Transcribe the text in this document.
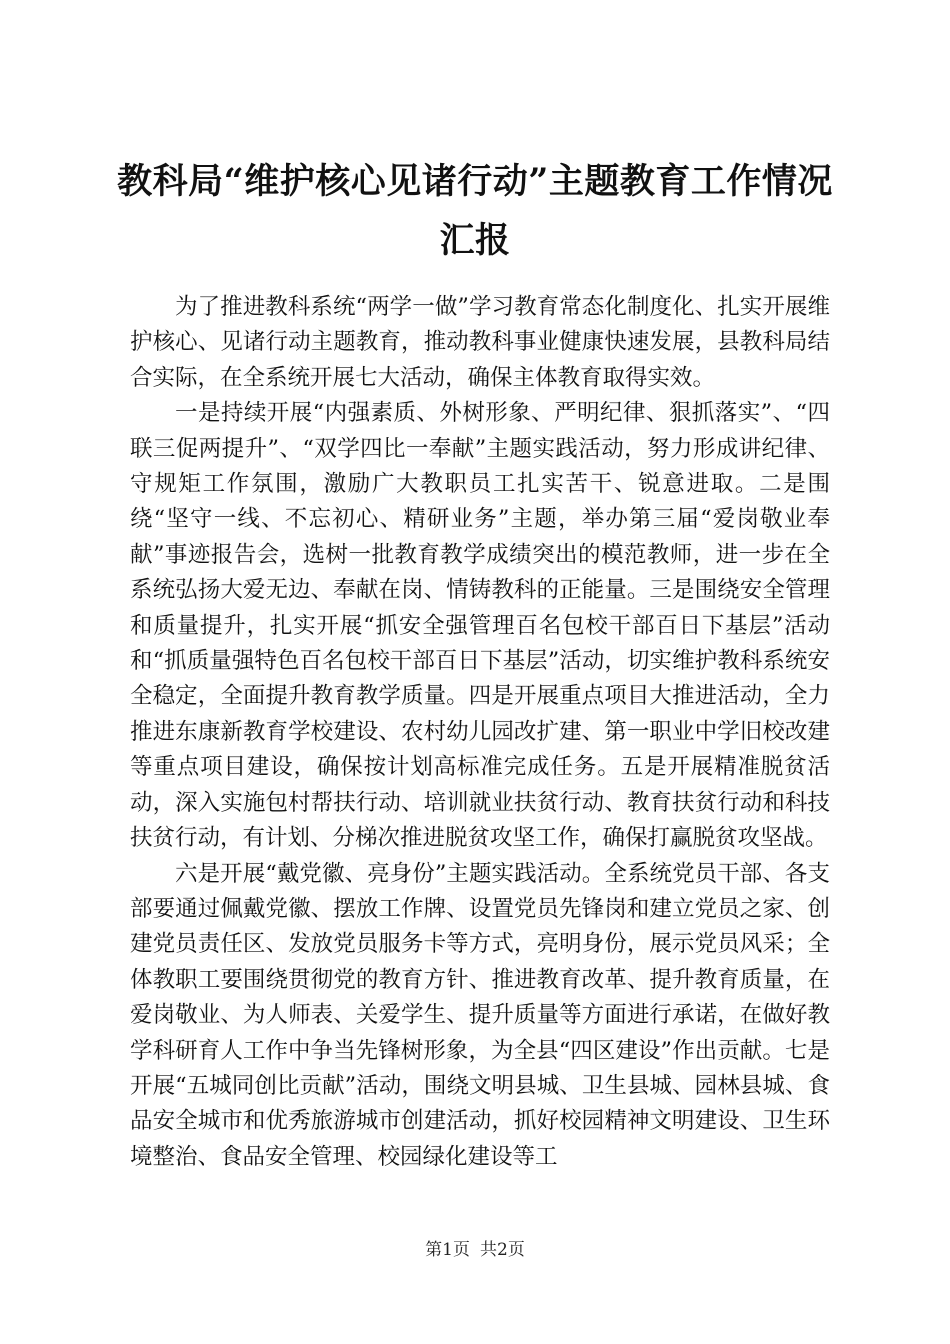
教科局“维护核心见诸行动”主题教育工作情况汇报

为了推进教科系统“两学一做”学习教育常态化制度化、扎实开展维护核心、见诸行动主题教育，推动教科事业健康快速发展，县教科局结合实际，在全系统开展七大活动，确保主体教育取得实效。

一是持续开展“内强素质、外树形象、严明纪律、狠抓落实”、“四联三促两提升”、“双学四比一奉献”主题实践活动，努力形成讲纪律、守规矩工作氛围，激励广大教职员工扎实苦干、锐意进取。二是围绕“坚守一线、不忘初心、精研业务”主题，举办第三届“爱岗敬业奉献”事迹报告会，选树一批教育教学成绩突出的模范教师，进一步在全系统弘扬大爱无边、奉献在岗、情铸教科的正能量。三是围绕安全管理和质量提升，扎实开展“抓安全强管理百名包校干部百日下基层”活动和“抓质量强特色百名包校干部百日下基层”活动，切实维护教科系统安全稳定，全面提升教育教学质量。四是开展重点项目大推进活动，全力推进东康新教育学校建设、农村幼儿园改扩建、第一职业中学旧校改建等重点项目建设，确保按计划高标准完成任务。五是开展精准脱贫活动，深入实施包村帮扶行动、培训就业扶贫行动、教育扶贫行动和科技扶贫行动，有计划、分梯次推进脱贫攻坚工作，确保打赢脱贫攻坚战。

六是开展“戴党徽、亮身份”主题实践活动。全系统党员干部、各支部要通过佩戴党徽、摆放工作牌、设置党员先锋岗和建立党员之家、创建党员责任区、发放党员服务卡等方式，亮明身份，展示党员风采；全体教职工要围绕贯彻党的教育方针、推进教育改革、提升教育质量，在爱岗敬业、为人师表、关爱学生、提升质量等方面进行承诺，在做好教学科研育人工作中争当先锋树形象，为全县“四区建设”作出贡献。七是开展“五城同创比贡献”活动，围绕文明县城、卫生县城、园林县城、食品安全城市和优秀旅游城市创建活动，抓好校园精神文明建设、卫生环境整治、食品安全管理、校园绿化建设等工

第1页 共2页
